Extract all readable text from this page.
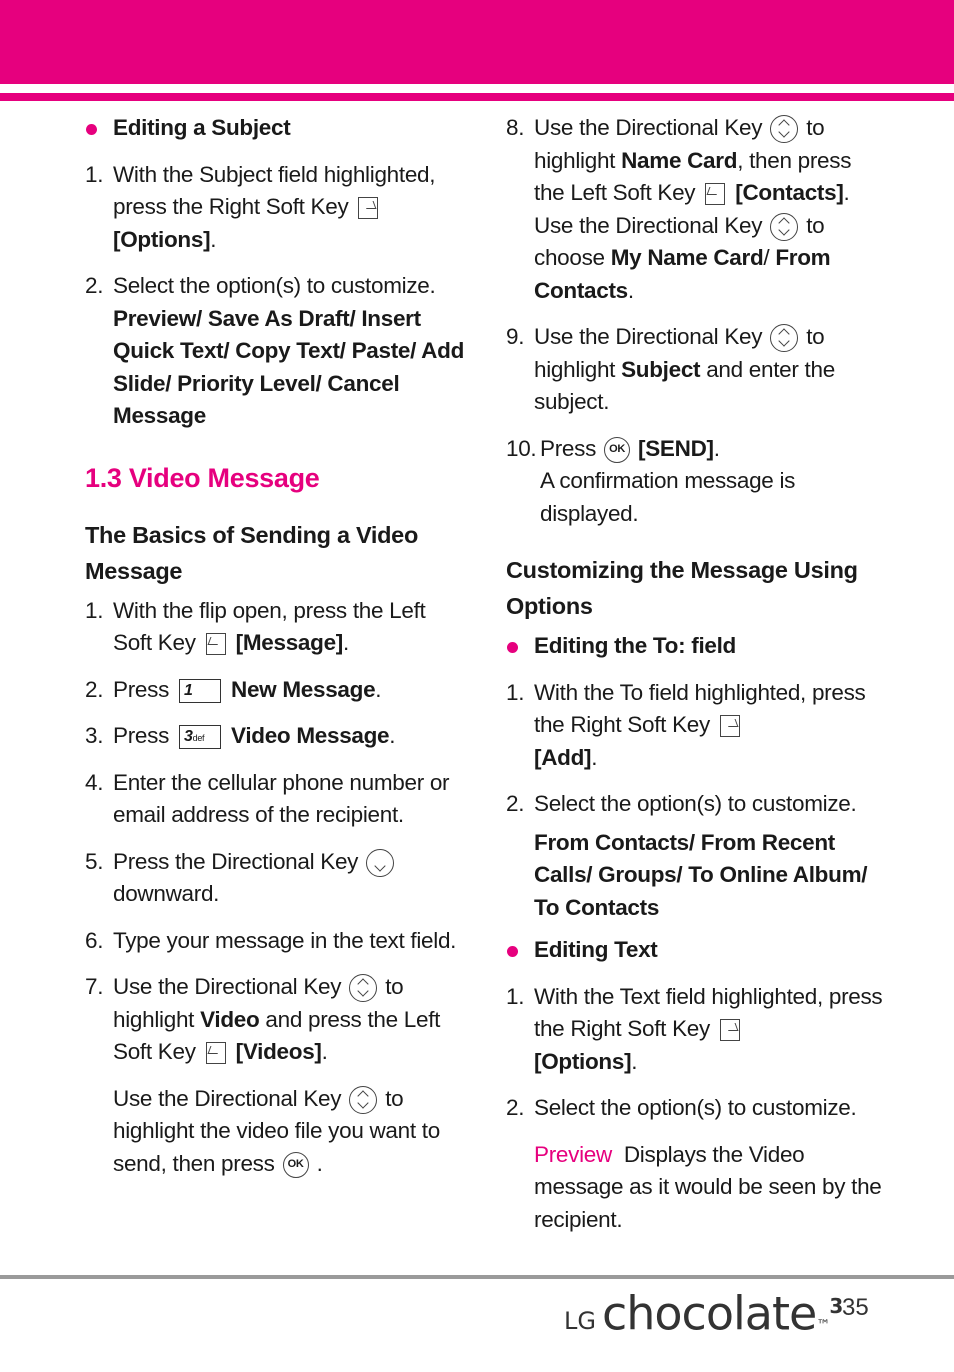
Editing a Subject
1. With the Subject field highlighted, press the Right Soft Key[Options].
2. Select the option(s) to customize.
Preview/ Save As Draft/ Insert Quick Text/ Copy Text/ Paste/ Add Slide/ Priority Level/ Cancel Message
1.3 Video Message
The Basics of Sending a Video Message
1. With the flip open, press the Left Soft Key [Message].
2. Press 1 New Message.
3. Press 3def Video Message.
4. Enter the cellular phone number or email address of the recipient.
5. Press the Directional Key

downward.
6. Type your message in the text field.
7. Use the Directional Key to highlight Video and press the Left Soft Key [Videos].
Use the Directional Key to highlight the video file you want to send, then press OK .
8. Use the Directional Key to highlight Name Card, then press the Left Soft Key [Contacts]. Use the Directional Key to choose My Name Card/ From Contacts.
9. Use the Directional Key to highlight Subject and enter the subject.
10. Press OK [SEND].
A confirmation message is displayed.
Customizing the Message Using Options
Editing the To: field
1. With the To field highlighted, press the Right Soft Key
[Add].
2. Select the option(s) to customize.
From Contacts/ From Recent Calls/ Groups/ To Online Album/ To Contacts
Editing Text
1. With the Text field highlighted, press the Right Soft Key
[Options].
2. Select the option(s) to customize.
Preview Displays the Video message as it would be seen by the recipient.
LG chocolate™$^3$ 35
